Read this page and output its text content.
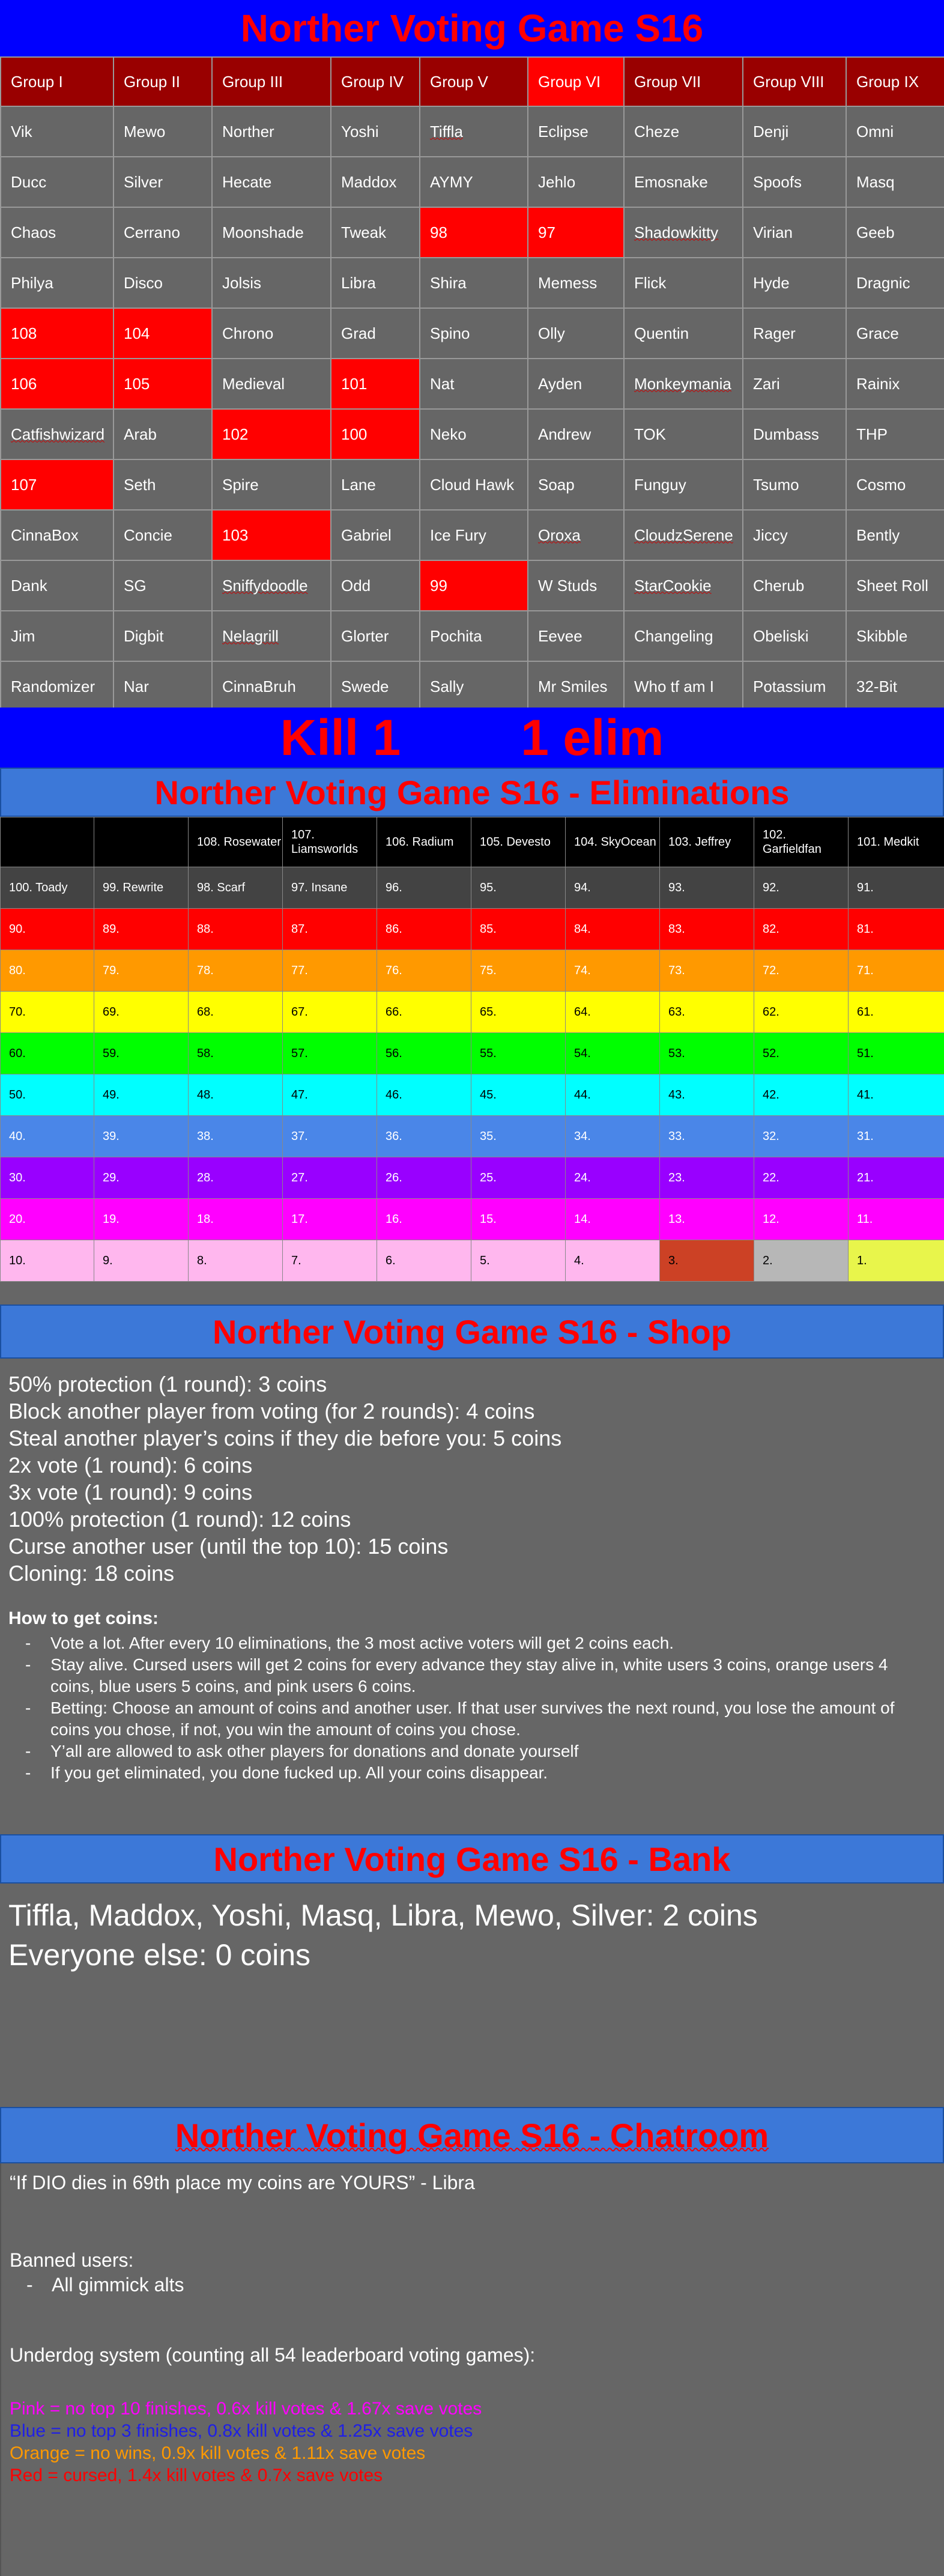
Norther Voting Game S16
Group I	Group II	Group III	Group IV	Group V	Group VI	Group VII	Group VIII	Group IX
Vik	Mewo	Norther	Yoshi	Tiffla	Eclipse	Cheze	Denji	Omni
Ducc	Silver	Hecate	Maddox	AYMY	Jehlo	Emosnake	Spoofs	Masq
Chaos	Cerrano	Moonshade	Tweak	98	97	Shadowkitty	Virian	Geeb
Philya	Disco	Jolsis	Libra	Shira	Memess	Flick	Hyde	Dragnic
108	104	Chrono	Grad	Spino	Olly	Quentin	Rager	Grace
106	105	Medieval	101	Nat	Ayden	Monkeymania	Zari	Rainix
Catfishwizard	Arab	102	100	Neko	Andrew	TOK	Dumbass	THP
107	Seth	Spire	Lane	Cloud Hawk	Soap	Funguy	Tsumo	Cosmo
CinnaBox	Concie	103	Gabriel	Ice Fury	Oroxa	CloudzSerene	Jiccy	Bently
Dank	SG	Sniffydoodle	Odd	99	W Studs	StarCookie	Cherub	Sheet Roll
Jim	Digbit	Nelagrill	Glorter	Pochita	Eevee	Changeling	Obeliski	Skibble
Randomizer	Nar	CinnaBruh	Swede	Sally	Mr Smiles	Who tf am I	Potassium	32-Bit
Kill 1 1 elim
Norther Voting Game S16 - Eliminations
		108. Rosewater	107. Liamsworlds	106. Radium	105. Devesto	104. SkyOcean	103. Jeffrey	102. Garfieldfan	101. Medkit
100. Toady	99. Rewrite	98. Scarf	97. Insane	96.	95.	94.	93.	92.	91.
90.	89.	88.	87.	86.	85.	84.	83.	82.	81.
80.	79.	78.	77.	76.	75.	74.	73.	72.	71.
70.	69.	68.	67.	66.	65.	64.	63.	62.	61.
60.	59.	58.	57.	56.	55.	54.	53.	52.	51.
50.	49.	48.	47.	46.	45.	44.	43.	42.	41.
40.	39.	38.	37.	36.	35.	34.	33.	32.	31.
30.	29.	28.	27.	26.	25.	24.	23.	22.	21.
20.	19.	18.	17.	16.	15.	14.	13.	12.	11.
10.	9.	8.	7.	6.	5.	4.	3.	2.	1.
Norther Voting Game S16 - Shop
50% protection (1 round): 3 coins
Block another player from voting (for 2 rounds): 4 coins
Steal another player’s coins if they die before you: 5 coins
2x vote (1 round): 6 coins
3x vote (1 round): 9 coins
100% protection (1 round): 12 coins
Curse another user (until the top 10): 15 coins
Cloning: 18 coins
How to get coins:
- Vote a lot. After every 10 eliminations, the 3 most active voters will get 2 coins each.
- Stay alive. Cursed users will get 2 coins for every advance they stay alive in, white users 3 coins, orange users 4 coins, blue users 5 coins, and pink users 6 coins.
- Betting: Choose an amount of coins and another user. If that user survives the next round, you lose the amount of coins you chose, if not, you win the amount of coins you chose.
- Y’all are allowed to ask other players for donations and donate yourself
- If you get eliminated, you done fucked up. All your coins disappear.
Norther Voting Game S16 - Bank
Tiffla, Maddox, Yoshi, Masq, Libra, Mewo, Silver: 2 coins
Everyone else: 0 coins
Norther Voting Game S16 - Chatroom
“If DIO dies in 69th place my coins are YOURS” - Libra
Banned users:
- All gimmick alts
Underdog system (counting all 54 leaderboard voting games):
Pink = no top 10 finishes, 0.6x kill votes & 1.67x save votes
Blue = no top 3 finishes, 0.8x kill votes & 1.25x save votes
Orange = no wins, 0.9x kill votes & 1.11x save votes
Red = cursed, 1.4x kill votes & 0.7x save votes
